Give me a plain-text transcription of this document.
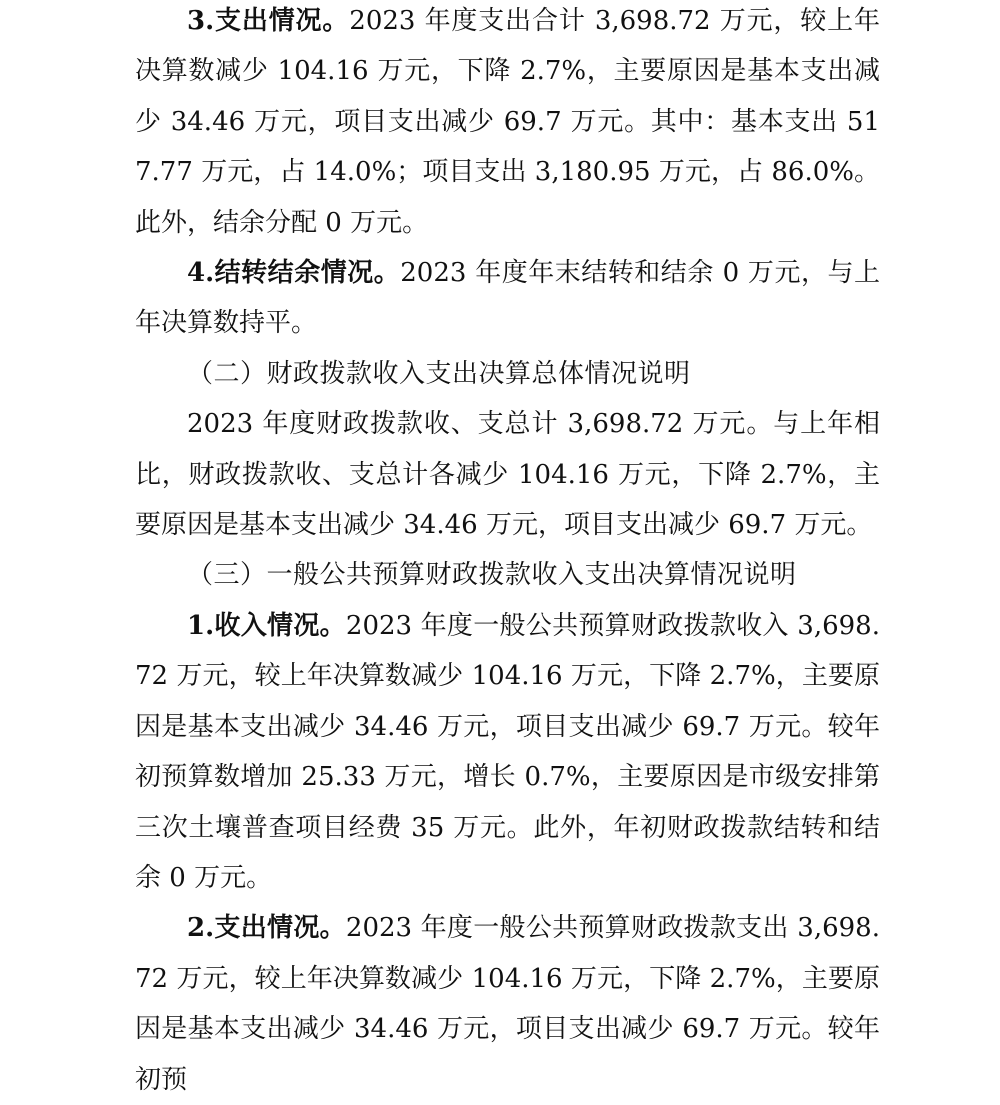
3.支出情况。2023 年度支出合计 3,698.72 万元，较上年决算数减少 104.16 万元，下降 2.7%，主要原因是基本支出减少 34.46 万元，项目支出减少 69.7 万元。其中：基本支出 517.77 万元，占 14.0%；项目支出 3,180.95 万元，占 86.0%。此外，结余分配 0 万元。

4.结转结余情况。2023 年度年末结转和结余 0 万元，与上年决算数持平。

（二）财政拨款收入支出决算总体情况说明

2023 年度财政拨款收、支总计 3,698.72 万元。与上年相比，财政拨款收、支总计各减少 104.16 万元，下降 2.7%，主要原因是基本支出减少 34.46 万元，项目支出减少 69.7 万元。

（三）一般公共预算财政拨款收入支出决算情况说明

1.收入情况。2023 年度一般公共预算财政拨款收入 3,698.72 万元，较上年决算数减少 104.16 万元，下降 2.7%，主要原因是基本支出减少 34.46 万元，项目支出减少 69.7 万元。较年初预算数增加 25.33 万元，增长 0.7%，主要原因是市级安排第三次土壤普查项目经费 35 万元。此外，年初财政拨款结转和结余 0 万元。

2.支出情况。2023 年度一般公共预算财政拨款支出 3,698.72 万元，较上年决算数减少 104.16 万元，下降 2.7%，主要原因是基本支出减少 34.46 万元，项目支出减少 69.7 万元。较年初预
